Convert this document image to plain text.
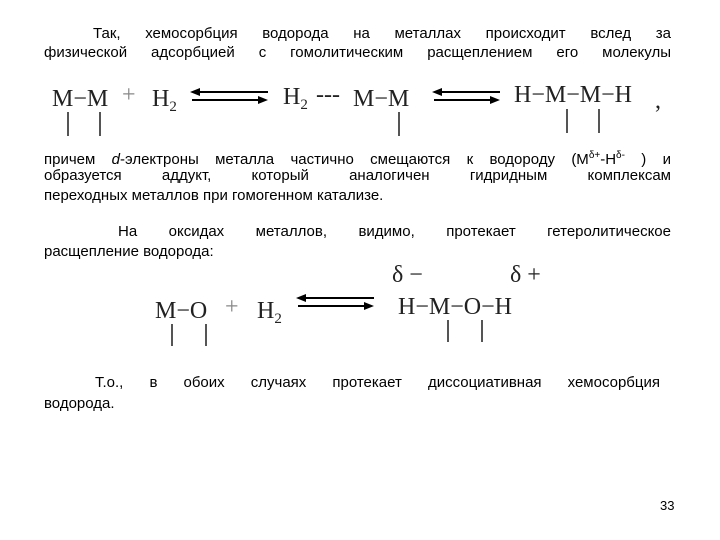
Так, хемосорбция водорода на металлах происходит вслед за

физической адсорбцией с гомолитическим расщеплением его молекулы

$M-M + H_2$	$H_2$ --- M−M	H−M−M−H ,

причем d-электроны металла частично смещаются к водороду ($M^{\delta+}-H^{\delta-}$ ) и

образуется аддукт, который аналогичен гидридным комплексам

переходных металлов при гомогенном катализе.

На оксидах металлов, видимо, протекает гетеролитическое

расщепление водорода:

δ −	δ +
$M-O + H_2$	H−M−O−H

Т.о., в обоих случаях протекает диссоциативная хемосорбция

водорода.

33
